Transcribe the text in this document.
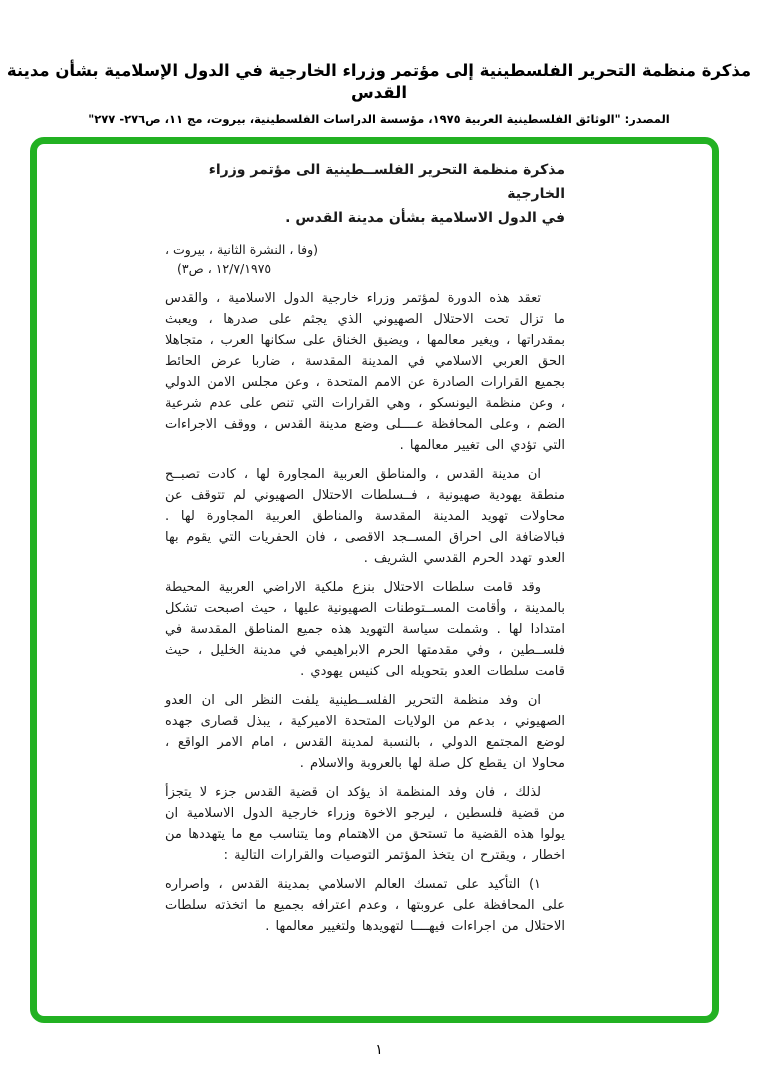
مذكرة منظمة التحرير الفلسطينية إلى مؤتمر وزراء الخارجية في الدول الإسلامية بشأن مدينة القدس
المصدر: "الوثائق الفلسطينية العربية ١٩٧٥، مؤسسة الدراسات الفلسطينية، بيروت، مج ١١، ص٢٧٦- ٢٧٧"
مذكرة منظمة التحرير الفلســطينية الى مؤتمر وزراء الخارجية
في الدول الاسلامية بشأن مدينة القدس .
(وفا ، النشرة الثانية ، بيروت ،
١٢/٧/١٩٧٥ ، ص٣)

تعقد هذه الدورة لمؤتمر وزراء خارجية الدول الاسلامية ، والقدس ما تزال تحت الاحتلال الصهيوني الذي يجثم على صدرها ، ويعبث بمقدراتها ، ويغير معالمها ، ويضيق الخناق على سكانها العرب ، متجاهلا الحق العربي الاسلامي في المدينة المقدسة ، ضاربا عرض الحائط بجميع القرارات الصادرة عن الامم المتحدة ، وعن مجلس الامن الدولي ، وعن منظمة اليونسكو ، وهي القرارات التي تنص على عدم شرعية الضم ، وعلى المحافظة عــــلى وضع مدينة القدس ، ووقف الاجراءات التي تؤدي الى تغيير معالمها .

ان مدينة القدس ، والمناطق العربية المجاورة لها ، كادت تصبــح منطقة يهودية صهيونية ، فــسلطات الاحتلال الصهيوني لم تتوقف عن محاولات تهويد المدينة المقدسة والمناطق العربية المجاورة لها . فبالاضافة الى احراق المســجد الاقصى ، فان الحفريات التي يقوم بها العدو تهدد الحرم القدسي الشريف .

وقد قامت سلطات الاحتلال بنزع ملكية الاراضي العربية المحيطة بالمدينة ، وأقامت المســتوطنات الصهيونية عليها ، حيث اصبحت تشكل امتدادا لها . وشملت سياسة التهويد هذه جميع المناطق المقدسة في فلســطين ، وفي مقدمتها الحرم الابراهيمي في مدينة الخليل ، حيث قامت سلطات العدو بتحويله الى كنيس يهودي .

ان وفد منظمة التحرير الفلســطينية يلفت النظر الى ان العدو الصهيوني ، بدعم من الولايات المتحدة الاميركية ، يبذل قصارى جهده لوضع المجتمع الدولي ، بالنسبة لمدينة القدس ، امام الامر الواقع ، محاولا ان يقطع كل صلة لها بالعروبة والاسلام .

لذلك ، فان وفد المنظمة اذ يؤكد ان قضية القدس جزء لا يتجزأ من قضية فلسطين ، ليرجو الاخوة وزراء خارجية الدول الاسلامية ان يولوا هذه القضية ما تستحق من الاهتمام وما يتناسب مع ما يتهددها من اخطار ، ويقترح ان يتخذ المؤتمر التوصيات والقرارات التالية :

١) التأكيد على تمسك العالم الاسلامي بمدينة القدس ، واصراره على المحافظة على عروبتها ، وعدم اعترافه بجميع ما اتخذته سلطات الاحتلال من اجراءات فيهــــا لتهويدها ولتغيير معالمها .

١
